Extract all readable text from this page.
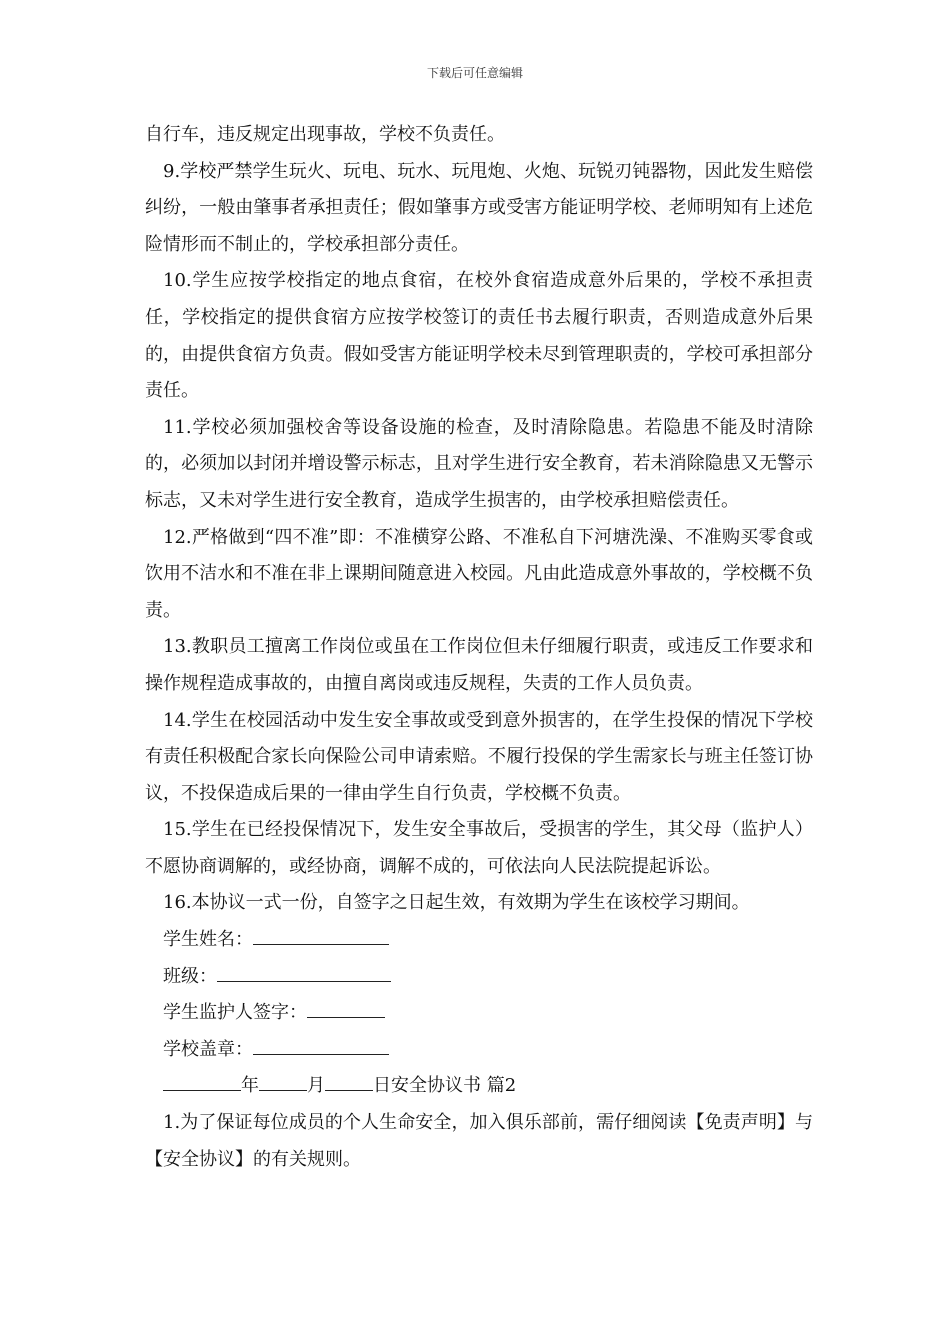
下载后可任意编辑

自行车，违反规定出现事故，学校不负责任。

9.学校严禁学生玩火、玩电、玩水、玩甩炮、火炮、玩锐刃钝器物，因此发生赔偿纠纷，一般由肇事者承担责任；假如肇事方或受害方能证明学校、老师明知有上述危险情形而不制止的，学校承担部分责任。

10.学生应按学校指定的地点食宿，在校外食宿造成意外后果的，学校不承担责任，学校指定的提供食宿方应按学校签订的责任书去履行职责，否则造成意外后果的，由提供食宿方负责。假如受害方能证明学校未尽到管理职责的，学校可承担部分责任。

11.学校必须加强校舍等设备设施的检查，及时清除隐患。若隐患不能及时清除的，必须加以封闭并增设警示标志，且对学生进行安全教育，若未消除隐患又无警示标志，又未对学生进行安全教育，造成学生损害的，由学校承担赔偿责任。

12.严格做到“四不准”即：不准横穿公路、不准私自下河塘洗澡、不准购买零食或饮用不洁水和不准在非上课期间随意进入校园。凡由此造成意外事故的，学校概不负责。

13.教职员工擅离工作岗位或虽在工作岗位但未仔细履行职责，或违反工作要求和操作规程造成事故的，由擅自离岗或违反规程，失责的工作人员负责。

14.学生在校园活动中发生安全事故或受到意外损害的，在学生投保的情况下学校有责任积极配合家长向保险公司申请索赔。不履行投保的学生需家长与班主任签订协议，不投保造成后果的一律由学生自行负责，学校概不负责。

15.学生在已经投保情况下，发生安全事故后，受损害的学生，其父母（监护人）不愿协商调解的，或经协商，调解不成的，可依法向人民法院提起诉讼。

16.本协议一式一份，自签字之日起生效，有效期为学生在该校学习期间。

学生姓名：
班级：
学生监护人签字：
学校盖章：
年	月	日安全协议书 篇2

1.为了保证每位成员的个人生命安全，加入俱乐部前，需仔细阅读【免责声明】与【安全协议】的有关规则。
